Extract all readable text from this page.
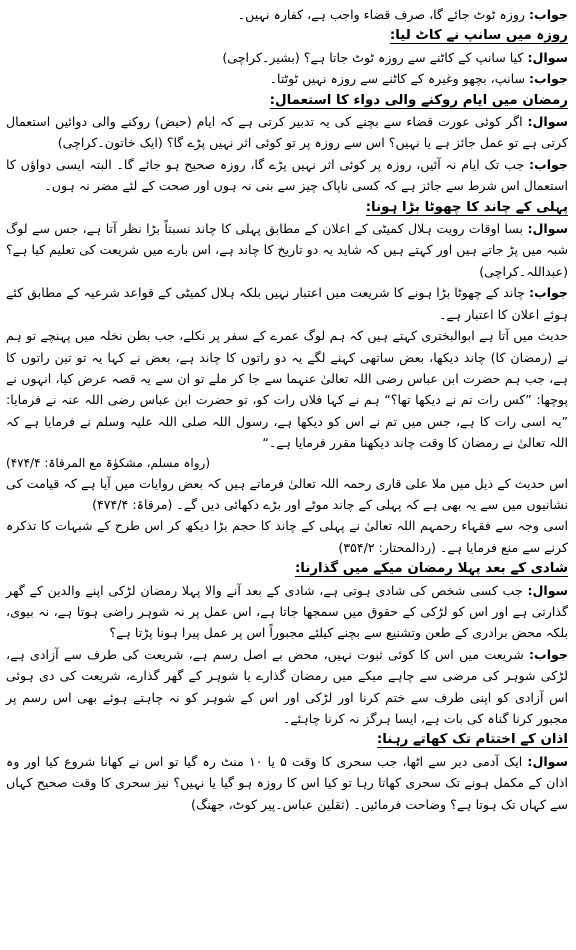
جواب: روزہ ٹوٹ جائے گا، صرف قضاء واجب ہے، کفارہ نہیں۔

روزہ میں سانپ نے کاٹ لیا:

سوال: کیا سانپ کے کاٹنے سے روزہ ٹوٹ جاتا ہے؟ (بشیر۔کراچی)

جواب: سانپ، بچھو وغیرہ کے کاٹنے سے روزہ نہیں ٹوٹتا۔

رمضان میں ایام روکنے والی دواء کا استعمال:

سوال: اگر کوئی عورت قضاء سے بچنے کی یہ تدبیر کرتی ہے کہ ایام (حیض) روکنے والی دوائیں استعمال کرتی ہے تو عمل جائز ہے یا نہیں؟ اس سے روزہ پر تو کوئی اثر نہیں پڑے گا؟ (ایک خاتون۔کراچی)

جواب: جب تک ایام نہ آئیں، روزہ پر کوئی اثر نہیں پڑے گا، روزہ صحیح ہو جائے گا۔ البتہ ایسی دواؤں کا استعمال اس شرط سے جائز ہے کہ کسی ناپاک چیز سے بنی نہ ہوں اور صحت کے لئے مضر نہ ہوں۔

پہلی کے چاند کا چھوٹا بڑا ہونا:

سوال: بسا اوقات رویت ہلال کمیٹی کے اعلان کے مطابق پہلی کا چاند نسبتاً بڑا نظر آتا ہے، جس سے لوگ شبہ میں پڑ جاتے ہیں اور کہتے ہیں کہ شاید یہ دو تاریخ کا چاند ہے، اس بارے میں شریعت کی تعلیم کیا ہے؟ (عبداللہ۔کراچی)

جواب: چاند کے چھوٹا بڑا ہونے کا شریعت میں اعتبار نہیں بلکہ ہلال کمیٹی کے قواعد شرعیہ کے مطابق کئے ہوئے اعلان کا اعتبار ہے۔

حدیث میں آتا ہے ابوالبختری کہتے ہیں کہ ہم لوگ عمرے کے سفر پر نکلے، جب بطن نخلہ میں پہنچے تو ہم نے (رمضان کا) چاند دیکھا، بعض ساتھی کہنے لگے یہ دو راتوں کا چاند ہے، بعض نے کہا یہ تو تین راتوں کا ہے، جب ہم حضرت ابن عباس رضی اللہ تعالیٰ عنہما سے جا کر ملے تو ان سے یہ قصہ عرض کیا، انہوں نے پوچھا: ”کس رات تم نے دیکھا تھا؟“ ہم نے کہا فلاں رات کو، تو حضرت ابن عباس رضی اللہ عنہ نے فرمایا: ”یہ اسی رات کا ہے، جس میں تم نے اس کو دیکھا ہے، رسول اللہ صلی اللہ علیہ وسلم نے فرمایا ہے کہ اللہ تعالیٰ نے رمضان کا وقت چاند دیکھنا مقرر فرمایا ہے۔“

(رواہ مسلم، مشکوٰۃ مع المرقاۃ: ۴۷۴/۴)

اس حدیث کے ذیل میں ملا علی قاری رحمہ اللہ تعالیٰ فرماتے ہیں کہ بعض روایات میں آیا ہے کہ قیامت کی نشانیوں میں سے یہ بھی ہے کہ پہلی کے چاند موٹے اور بڑے دکھائی دیں گے۔ (مرقاۃ: ۴۷۴/۴)

اسی وجہ سے فقہاء رحمہم اللہ تعالیٰ نے پہلی کے چاند کا حجم بڑا دیکھ کر اس طرح کے شبہات کا تذکرہ کرنے سے منع فرمایا ہے۔ (ردالمحتار: ۳۵۴/۲)

شادی کے بعد پہلا رمضان میکے میں گذارنا:

سوال: جب کسی شخص کی شادی ہوتی ہے، شادی کے بعد آنے والا پہلا رمضان لڑکی اپنے والدین کے گھر گذارتی ہے اور اس کو لڑکی کے حقوق میں سمجھا جاتا ہے، اس عمل پر نہ شوہر راضی ہوتا ہے، نہ بیوی، بلکہ محض برادری کے طعن وتشنیع سے بچنے کیلئے مجبوراً اس پر عمل پیرا ہونا پڑتا ہے؟

جواب: شریعت میں اس کا کوئی ثبوت نہیں، محض بے اصل رسم ہے، شریعت کی طرف سے آزادی ہے، لڑکی شوہر کی مرضی سے چاہے میکے میں رمضان گذارے یا شوہر کے گھر گذارے، شریعت کی دی ہوئی اس آزادی کو اپنی طرف سے ختم کرنا اور لڑکی اور اس کے شوہر کو نہ چاہتے ہوئے بھی اس رسم پر مجبور کرنا گناہ کی بات ہے، ایسا ہرگز نہ کرنا چاہئے۔

اذان کے اختتام تک کھاتے رہنا:

سوال: ایک آدمی دیر سے اٹھا، جب سحری کا وقت ۵ یا ۱۰ منٹ رہ گیا تو اس نے کھانا شروع کیا اور وہ اذان کے مکمل ہونے تک سحری کھاتا رہا تو کیا اس کا روزہ ہو گیا یا نہیں؟ نیز سحری کا وقت صحیح کہاں سے کہاں تک ہوتا ہے؟ وضاحت فرمائیں۔ (ثقلین عباس۔پیر کوٹ، جھنگ)
